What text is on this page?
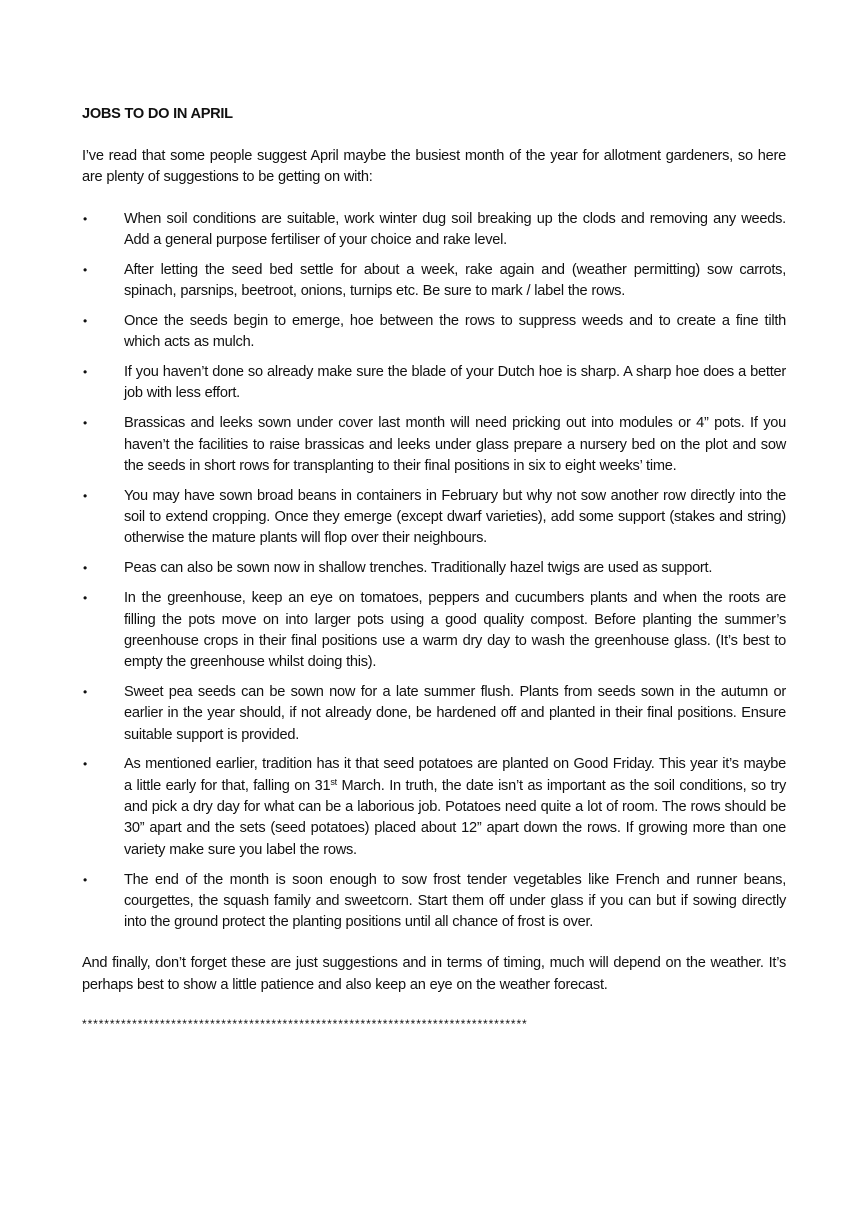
JOBS TO DO IN APRIL

I’ve read that some people suggest April maybe the busiest month of the year for allotment gardeners, so here are plenty of suggestions to be getting on with:

•	When soil conditions are suitable, work winter dug soil breaking up the clods and removing any weeds. Add a general purpose fertiliser of your choice and rake level.
•	After letting the seed bed settle for about a week, rake again and (weather permitting) sow carrots, spinach, parsnips, beetroot, onions, turnips etc. Be sure to mark / label the rows.
•	Once the seeds begin to emerge, hoe between the rows to suppress weeds and to create a fine tilth which acts as mulch.
•	If you haven’t done so already make sure the blade of your Dutch hoe is sharp. A sharp hoe does a better job with less effort.
•	Brassicas and leeks sown under cover last month will need pricking out into modules or 4” pots. If you haven’t the facilities to raise brassicas and leeks under glass prepare a nursery bed on the plot and sow the seeds in short rows for transplanting to their final positions in six to eight weeks’ time.
•	You may have sown broad beans in containers in February but why not sow another row directly into the soil to extend cropping. Once they emerge (except dwarf varieties), add some support (stakes and string) otherwise the mature plants will flop over their neighbours.
•	Peas can also be sown now in shallow trenches. Traditionally hazel twigs are used as support.
•	In the greenhouse, keep an eye on tomatoes, peppers and cucumbers plants and when the roots are filling the pots move on into larger pots using a good quality compost. Before planting the summer’s greenhouse crops in their final positions use a warm dry day to wash the greenhouse glass. (It’s best to empty the greenhouse whilst doing this).
•	Sweet pea seeds can be sown now for a late summer flush. Plants from seeds sown in the autumn or earlier in the year should, if not already done, be hardened off and planted in their final positions. Ensure suitable support is provided.
•	As mentioned earlier, tradition has it that seed potatoes are planted on Good Friday. This year it’s maybe a little early for that, falling on 31st March. In truth, the date isn’t as important as the soil conditions, so try and pick a dry day for what can be a laborious job. Potatoes need quite a lot of room. The rows should be 30” apart and the sets (seed potatoes) placed about 12” apart down the rows. If growing more than one variety make sure you label the rows.
•	The end of the month is soon enough to sow frost tender vegetables like French and runner beans, courgettes, the squash family and sweetcorn. Start them off under glass if you can but if sowing directly into the ground protect the planting positions until all chance of frost is over.

And finally, don’t forget these are just suggestions and in terms of timing, much will depend on the weather. It’s perhaps best to show a little patience and also keep an eye on the weather forecast.

********************************************************************************
